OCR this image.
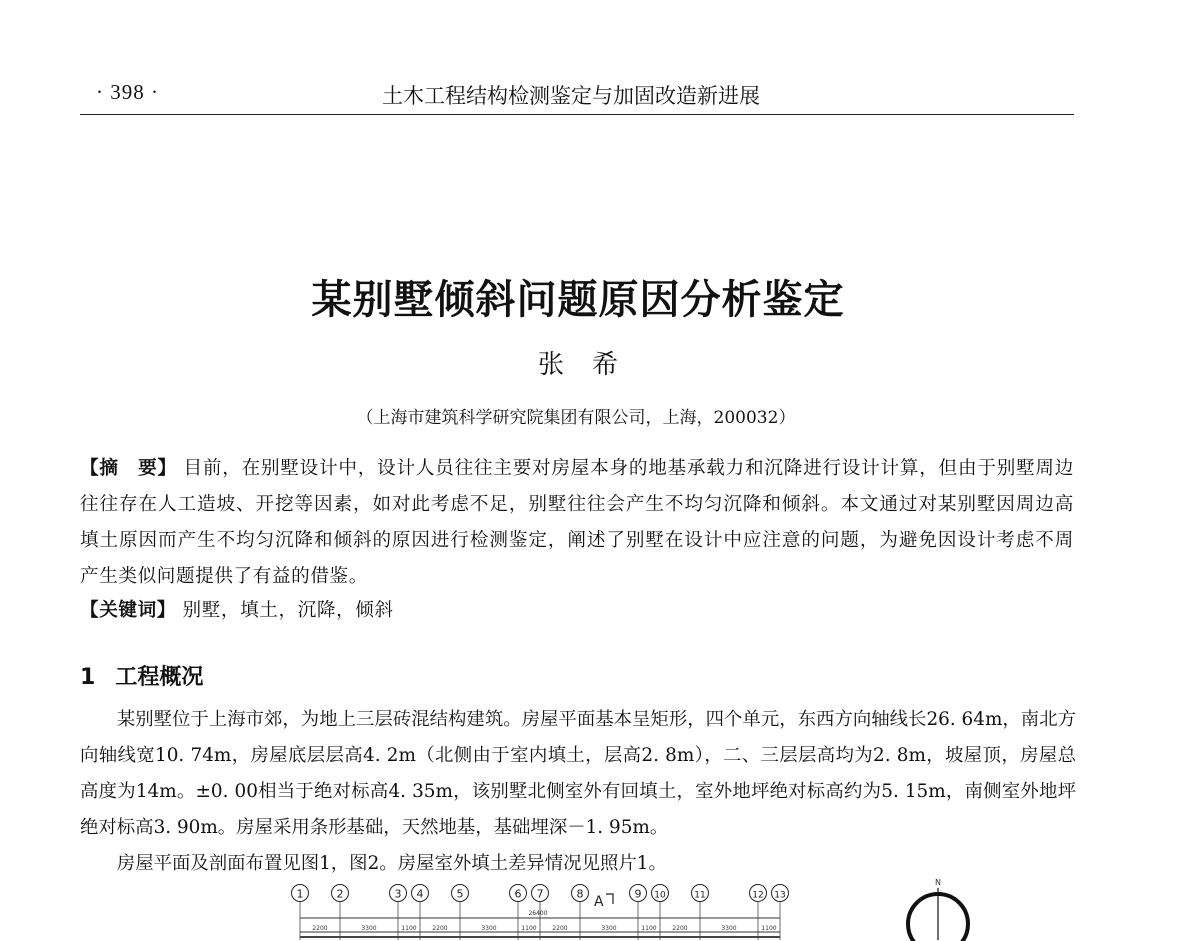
· 398 ·	土木工程结构检测鉴定与加固改造新进展
某别墅倾斜问题原因分析鉴定
张希
（上海市建筑科学研究院集团有限公司，上海，200032）
【摘　要】 目前，在别墅设计中，设计人员往往主要对房屋本身的地基承载力和沉降进行设计计算，但由于别墅周边往往存在人工造坡、开挖等因素，如对此考虑不足，别墅往往会产生不均匀沉降和倾斜。本文通过对某别墅因周边高填土原因而产生不均匀沉降和倾斜的原因进行检测鉴定，阐述了别墅在设计中应注意的问题，为避免因设计考虑不周产生类似问题提供了有益的借鉴。
【关键词】 别墅，填土，沉降，倾斜
1 工程概况

某别墅位于上海市郊，为地上三层砖混结构建筑。房屋平面基本呈矩形，四个单元，东西方向轴线长26. 64m，南北方向轴线宽10. 74m，房屋底层层高4. 2m（北侧由于室内填土，层高2. 8m），二、三层层高均为2. 8m，坡屋顶，房屋总高度为14m。±0. 00相当于绝对标高4. 35m，该别墅北侧室外有回填土，室外地坪绝对标高约为5. 15m，南侧室外地坪绝对标高3. 90m。房屋采用条形基础，天然地基，基础埋深－1. 95m。

房屋平面及剖面布置见图1，图2。房屋室外填土差异情况见照片1。

1	2	3 4	5	6 7	8	9 10	11	12 13
26400
A
2200	3300	1100	2200	3300	1100	2200	3300	1100	2200	3300	1100
N
